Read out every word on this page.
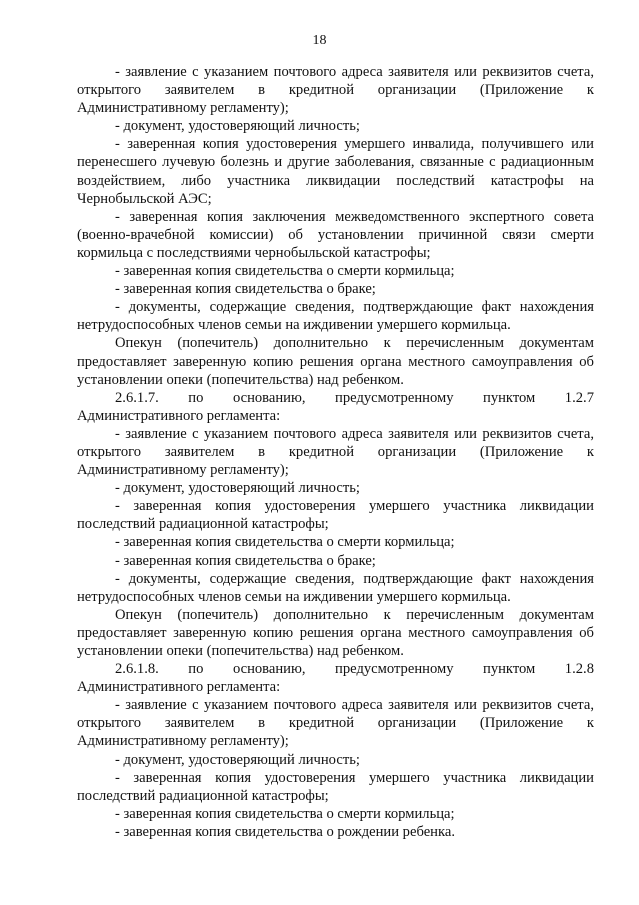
18

- заявление с указанием почтового адреса заявителя или реквизитов счета, открытого заявителем в кредитной организации (Приложение к Административному регламенту);

- документ, удостоверяющий личность;

- заверенная копия удостоверения умершего инвалида, получившего или перенесшего лучевую болезнь и другие заболевания, связанные с радиационным воздействием, либо участника ликвидации последствий катастрофы на Чернобыльской АЭС;

- заверенная копия заключения межведомственного экспертного совета (военно-врачебной комиссии) об установлении причинной связи смерти кормильца с последствиями чернобыльской катастрофы;

- заверенная копия свидетельства о смерти кормильца;

- заверенная копия свидетельства о браке;

- документы, содержащие сведения, подтверждающие факт нахождения нетрудоспособных членов семьи на иждивении умершего кормильца.

Опекун (попечитель) дополнительно к перечисленным документам предоставляет заверенную копию решения органа местного самоуправления об установлении опеки (попечительства) над ребенком.

2.6.1.7. по основанию, предусмотренному пунктом 1.2.7 Административного регламента:

- заявление с указанием почтового адреса заявителя или реквизитов счета, открытого заявителем в кредитной организации (Приложение к Административному регламенту);

- документ, удостоверяющий личность;

- заверенная копия удостоверения умершего участника ликвидации последствий радиационной катастрофы;

- заверенная копия свидетельства о смерти кормильца;

- заверенная копия свидетельства о браке;

- документы, содержащие сведения, подтверждающие факт нахождения нетрудоспособных членов семьи на иждивении умершего кормильца.

Опекун (попечитель) дополнительно к перечисленным документам предоставляет заверенную копию решения органа местного самоуправления об установлении опеки (попечительства) над ребенком.

2.6.1.8. по основанию, предусмотренному пунктом 1.2.8 Административного регламента:

- заявление с указанием почтового адреса заявителя или реквизитов счета, открытого заявителем в кредитной организации (Приложение к Административному регламенту);

- документ, удостоверяющий личность;

- заверенная копия удостоверения умершего участника ликвидации последствий радиационной катастрофы;

- заверенная копия свидетельства о смерти кормильца;

- заверенная копия свидетельства о рождении ребенка.
